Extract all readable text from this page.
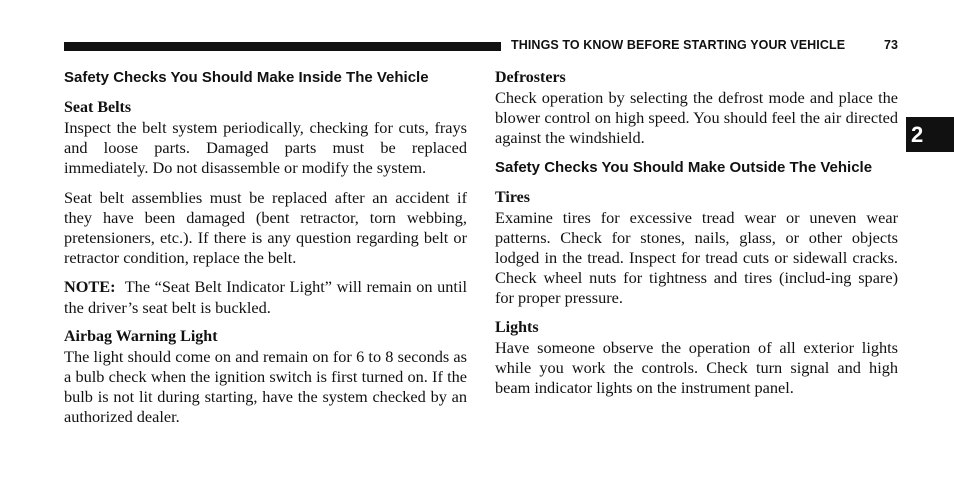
THINGS TO KNOW BEFORE STARTING YOUR VEHICLE	73
2
Safety Checks You Should Make Inside The Vehicle
Seat Belts

Inspect the belt system periodically, checking for cuts, frays and loose parts. Damaged parts must be replaced immediately. Do not disassemble or modify the system.

Seat belt assemblies must be replaced after an accident if they have been damaged (bent retractor, torn webbing, pretensioners, etc.). If there is any question regarding belt or retractor condition, replace the belt.

NOTE: The “Seat Belt Indicator Light” will remain on until the driver’s seat belt is buckled.

Airbag Warning Light

The light should come on and remain on for 6 to 8 seconds as a bulb check when the ignition switch is first turned on. If the bulb is not lit during starting, have the system checked by an authorized dealer.

Defrosters

Check operation by selecting the defrost mode and place the blower control on high speed. You should feel the air directed against the windshield.

Safety Checks You Should Make Outside The Vehicle
Tires

Examine tires for excessive tread wear or uneven wear patterns. Check for stones, nails, glass, or other objects lodged in the tread. Inspect for tread cuts or sidewall cracks. Check wheel nuts for tightness and tires (includ-ing spare) for proper pressure.

Lights

Have someone observe the operation of all exterior lights while you work the controls. Check turn signal and high beam indicator lights on the instrument panel.
